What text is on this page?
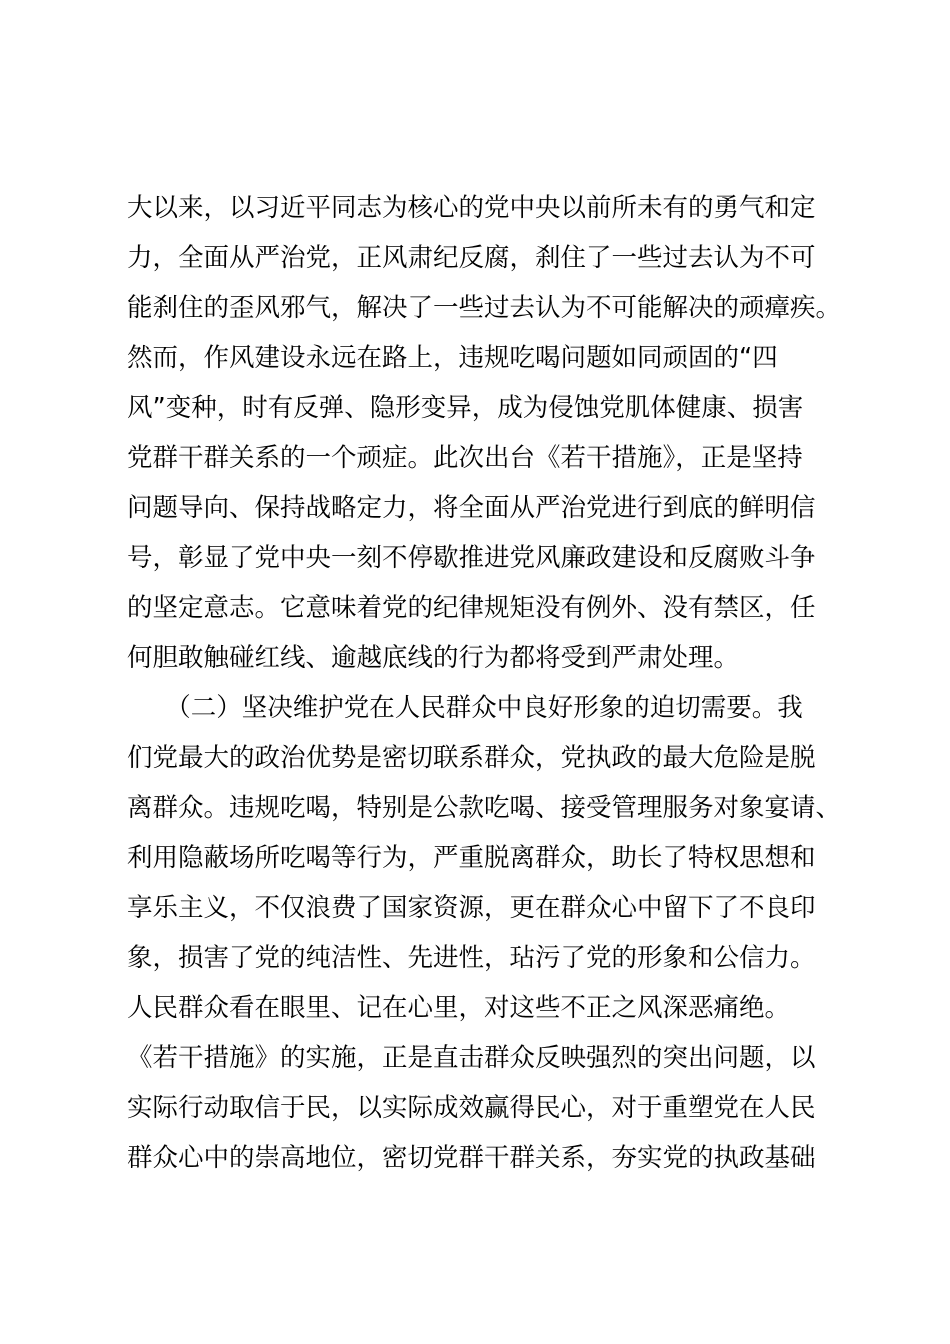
大以来，以习近平同志为核心的党中央以前所未有的勇气和定
力，全面从严治党，正风肃纪反腐，刹住了一些过去认为不可
能刹住的歪风邪气，解决了一些过去认为不可能解决的顽瘴疾。
然而，作风建设永远在路上，违规吃喝问题如同顽固的“四
风”变种，时有反弹、隐形变异，成为侵蚀党肌体健康、损害
党群干群关系的一个顽症。此次出台《若干措施》，正是坚持
问题导向、保持战略定力，将全面从严治党进行到底的鲜明信
号，彰显了党中央一刻不停歇推进党风廉政建设和反腐败斗争
的坚定意志。它意味着党的纪律规矩没有例外、没有禁区，任
何胆敢触碰红线、逾越底线的行为都将受到严肃处理。
　　（二）坚决维护党在人民群众中良好形象的迫切需要。我
们党最大的政治优势是密切联系群众，党执政的最大危险是脱
离群众。违规吃喝，特别是公款吃喝、接受管理服务对象宴请、
利用隐蔽场所吃喝等行为，严重脱离群众，助长了特权思想和
享乐主义，不仅浪费了国家资源，更在群众心中留下了不良印
象，损害了党的纯洁性、先进性，玷污了党的形象和公信力。
人民群众看在眼里、记在心里，对这些不正之风深恶痛绝。
《若干措施》的实施，正是直击群众反映强烈的突出问题，以
实际行动取信于民，以实际成效赢得民心，对于重塑党在人民
群众心中的崇高地位，密切党群干群关系，夯实党的执政基础
